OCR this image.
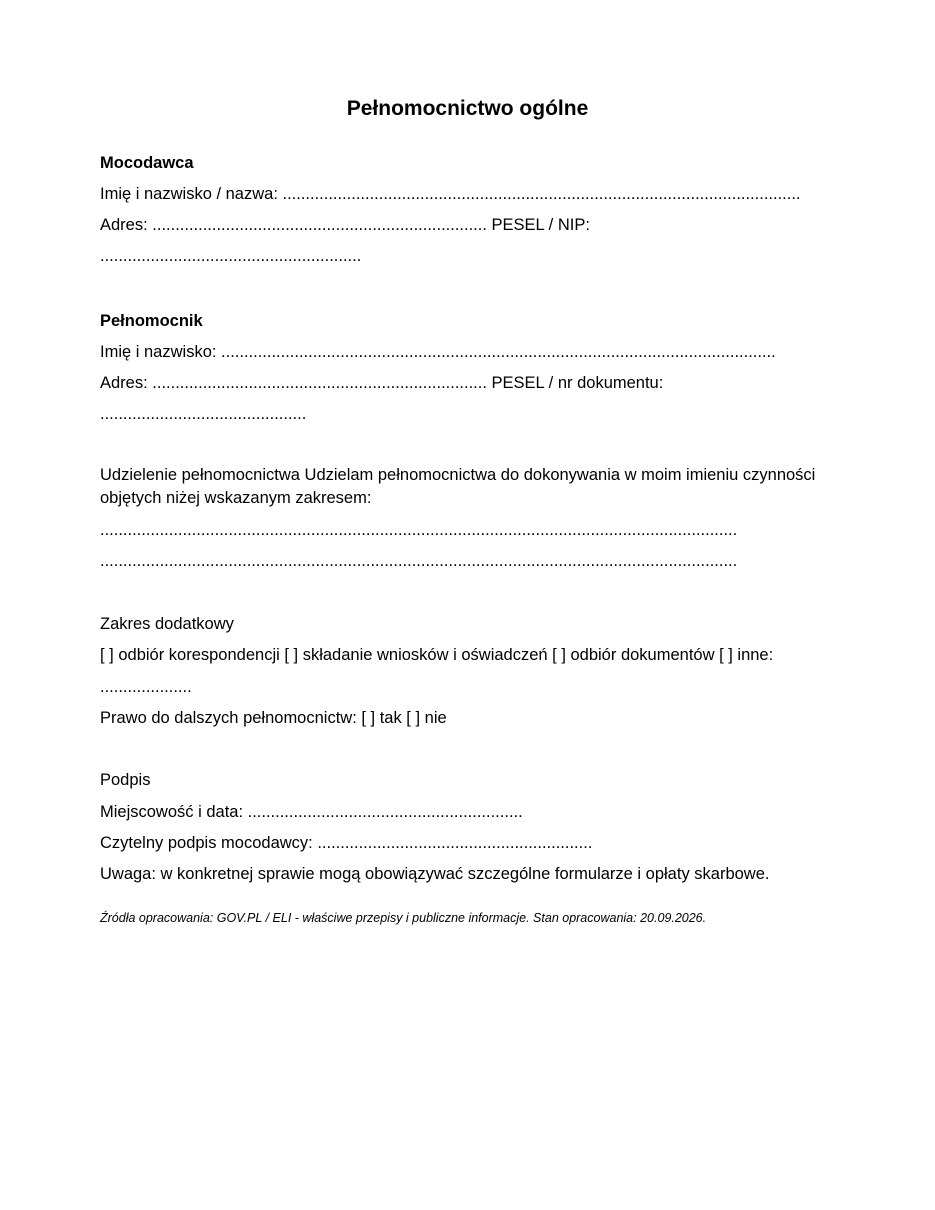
Pełnomocnictwo ogólne
Mocodawca
Imię i nazwisko / nazwa: .................................................................................................................
Adres: ......................................................................... PESEL / NIP:
.........................................................
Pełnomocnik
Imię i nazwisko: .........................................................................................................................
Adres: ......................................................................... PESEL / nr dokumentu:
.............................................
Udzielenie pełnomocnictwa Udzielam pełnomocnictwa do dokonywania w moim imieniu czynności objętych niżej wskazanym zakresem:
...........................................................................................................................................
...........................................................................................................................................
Zakres dodatkowy
[ ] odbiór korespondencji [ ] składanie wniosków i oświadczeń [ ] odbiór dokumentów [ ] inne:
....................
Prawo do dalszych pełnomocnictw: [ ] tak [ ] nie
Podpis
Miejscowość i data: ............................................................
Czytelny podpis mocodawcy: ............................................................
Uwaga: w konkretnej sprawie mogą obowiązywać szczególne formularze i opłaty skarbowe.
Źródła opracowania: GOV.PL / ELI - właściwe przepisy i publiczne informacje. Stan opracowania: 20.09.2026.
